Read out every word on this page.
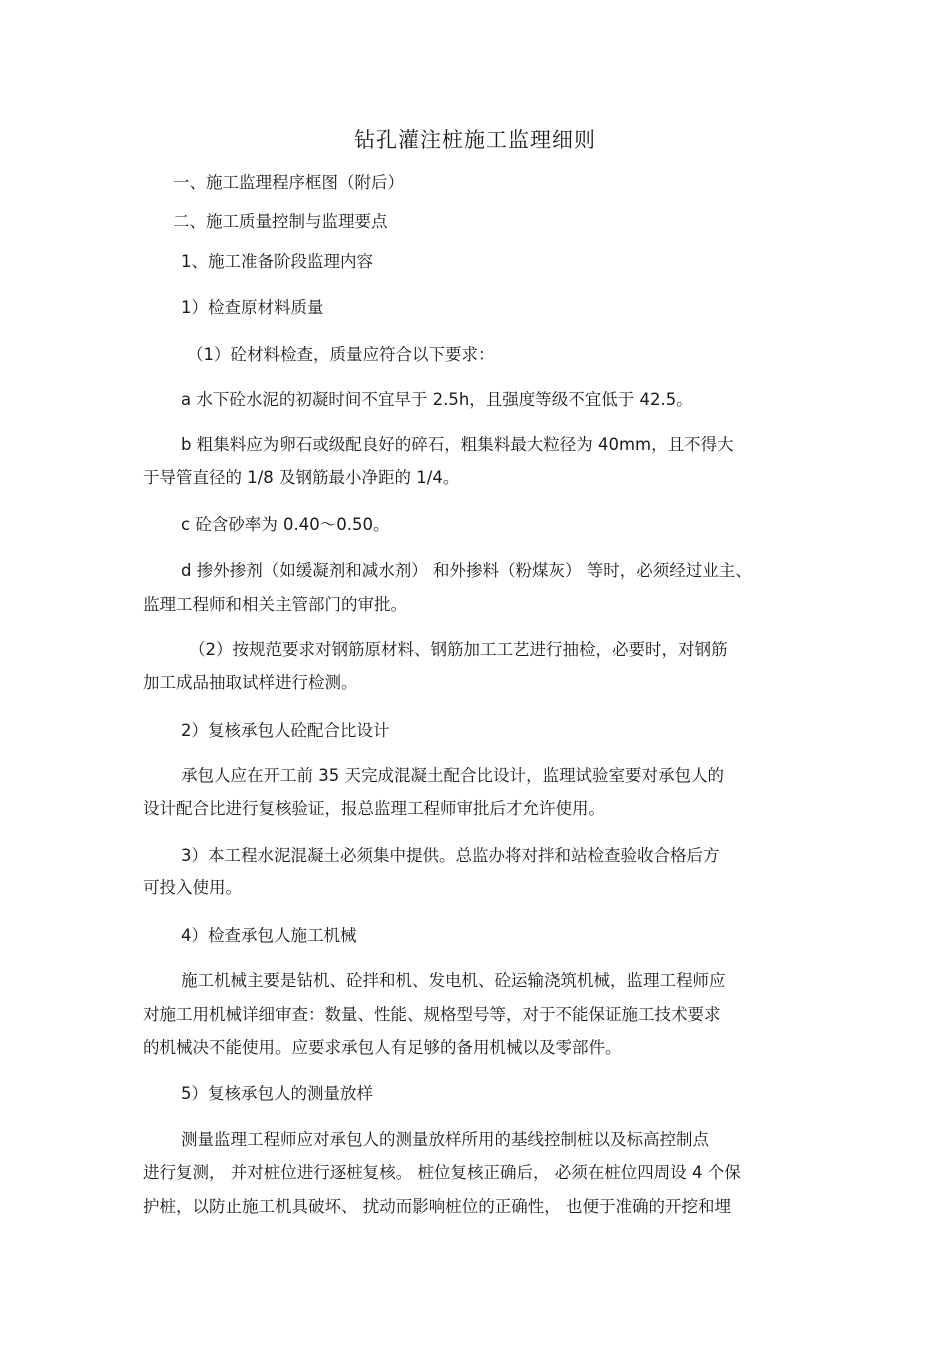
钻孔灌注桩施工监理细则
一、施工监理程序框图（附后）
二、施工质量控制与监理要点
1、施工准备阶段监理内容
1）检查原材料质量
（1）砼材料检查，质量应符合以下要求：
a 水下砼水泥的初凝时间不宜早于 2.5h，且强度等级不宜低于 42.5。
b 粗集料应为卵石或级配良好的碎石，粗集料最大粒径为 40mm，且不得大
于导管直径的 1/8 及钢筋最小净距的 1/4。
c 砼含砂率为 0.40～0.50。
d 掺外掺剂（如缓凝剂和减水剂） 和外掺料（粉煤灰） 等时，必须经过业主、
监理工程师和相关主管部门的审批。
（2）按规范要求对钢筋原材料、钢筋加工工艺进行抽检，必要时，对钢筋
加工成品抽取试样进行检测。
2）复核承包人砼配合比设计
承包人应在开工前 35 天完成混凝土配合比设计，监理试验室要对承包人的
设计配合比进行复核验证，报总监理工程师审批后才允许使用。
3）本工程水泥混凝土必须集中提供。总监办将对拌和站检查验收合格后方
可投入使用。
4）检查承包人施工机械
施工机械主要是钻机、砼拌和机、发电机、砼运输浇筑机械，监理工程师应
对施工用机械详细审查：数量、性能、规格型号等，对于不能保证施工技术要求
的机械决不能使用。应要求承包人有足够的备用机械以及零部件。
5）复核承包人的测量放样
测量监理工程师应对承包人的测量放样所用的基线控制桩以及标高控制点
进行复测， 并对桩位进行逐桩复核。 桩位复核正确后， 必须在桩位四周设 4 个保
护桩，以防止施工机具破坏、 扰动而影响桩位的正确性， 也便于准确的开挖和埋
